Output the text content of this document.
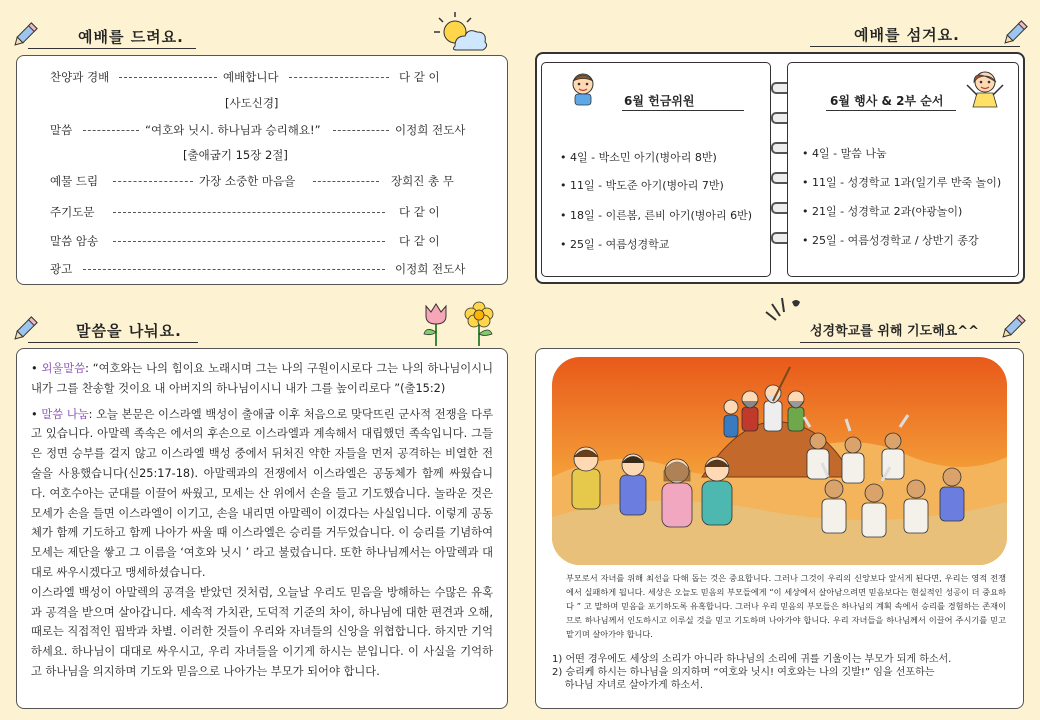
예배를 드려요.
찬양과 경배	예배합니다	다 같 이
[사도신경]
말씀	“여호와 닛시. 하나님과 승리해요!”	이정희 전도사
[출애굽기 15장 2절]
예물 드림	가장 소중한 마음을	장희진 총 무
주기도문	다 같 이
말씀 암송	다 같 이
광고	이정희 전도사
예배를 섬겨요.
6월 헌금위원
• 4일 - 박소민 아기(병아리 8반)
• 11일 - 박도준 아기(병아리 7반)
• 18일 - 이른봄, 른비 아기(병아리 6반)
• 25일 - 여름성경학교
6월 행사 & 2부 순서
• 4일 - 말씀 나눔
• 11일 - 성경학교 1과(일기루 반죽 놀이)
• 21일 - 성경학교 2과(야광놀이)
• 25일 - 여름성경학교 / 상반기 종강
말씀을 나눠요.
• 외울말씀: “여호와는 나의 힘이요 노래시며 그는 나의 구원이시로다 그는 나의 하나님이시니 내가 그를 찬송할 것이요 내 아버지의 하나님이시니 내가 그를 높이리로다 ”(출15:2)
• 말씀 나눔: 오늘 본문은 이스라엘 백성이 출애굽 이후 처음으로 맞닥뜨린 군사적 전쟁을 다루고 있습니다. 아말렉 족속은 에서의 후손으로 이스라엘과 계속해서 대립했던 족속입니다. 그들은 정면 승부를 걸지 않고 이스라엘 백성 중에서 뒤처진 약한 자들을 먼저 공격하는 비열한 전술을 사용했습니다(신25:17-18). 아말렉과의 전쟁에서 이스라엘은 공동체가 함께 싸웠습니다. 여호수아는 군대를 이끌어 싸웠고, 모세는 산 위에서 손을 들고 기도했습니다. 놀라운 것은 모세가 손을 들면 이스라엘이 이기고, 손을 내리면 아말렉이 이겼다는 사실입니다. 이렇게 공동체가 함께 기도하고 함께 나아가 싸울 때 이스라엘은 승리를 거두었습니다. 이 승리를 기념하여 모세는 제단을 쌓고 그 이름을 ‘여호와 닛시 ’ 라고 불렀습니다. 또한 하나님께서는 아말렉과 대대로 싸우시겠다고 맹세하셨습니다.
이스라엘 백성이 아말렉의 공격을 받았던 것처럼, 오늘날 우리도 믿음을 방해하는 수많은 유혹과 공격을 받으며 살아갑니다. 세속적 가치관, 도덕적 기준의 차이, 하나님에 대한 편견과 오해, 때로는 직접적인 핍박과 차별. 이러한 것들이 우리와 자녀들의 신앙을 위협합니다. 하지만 기억하세요. 하나님이 대대로 싸우시고, 우리 자녀들을 이기게 하시는 분입니다. 이 사실을 기억하고 하나님을 의지하며 기도와 믿음으로 나아가는 부모가 되어야 합니다.
성경학교를 위해 기도해요^^
부모로서 자녀를 위해 최선을 다해 돕는 것은 중요합니다. 그러나 그것이 우리의 신앙보다 앞서게 된다면, 우리는 영적 전쟁에서 실패하게 됩니다. 세상은 오늘도 믿음의 부모들에게 “이 세상에서 살아남으려면 믿음보다는 현실적인 성공이 더 중요하다 ” 고 말하며 믿음을 포기하도록 유혹합니다. 그러나 우리 믿음의 부모들은 하나님의 계획 속에서 승리를 경험하는 존재이므로 하나님께서 인도하시고 이루실 것을 믿고 기도하며 나아가야 합니다. 우리 자녀들을 하나님께서 이끌어 주시기를 믿고 맡기며 살아가야 합니다.
1) 어떤 경우에도 세상의 소리가 아니라 하나님의 소리에 귀를 기울이는 부모가 되게 하소서.
2) 승리케 하시는 하나님을 의지하며 “여호와 닛시! 여호와는 나의 깃발!” 임을 선포하는
하나님 자녀로 살아가게 하소서.
